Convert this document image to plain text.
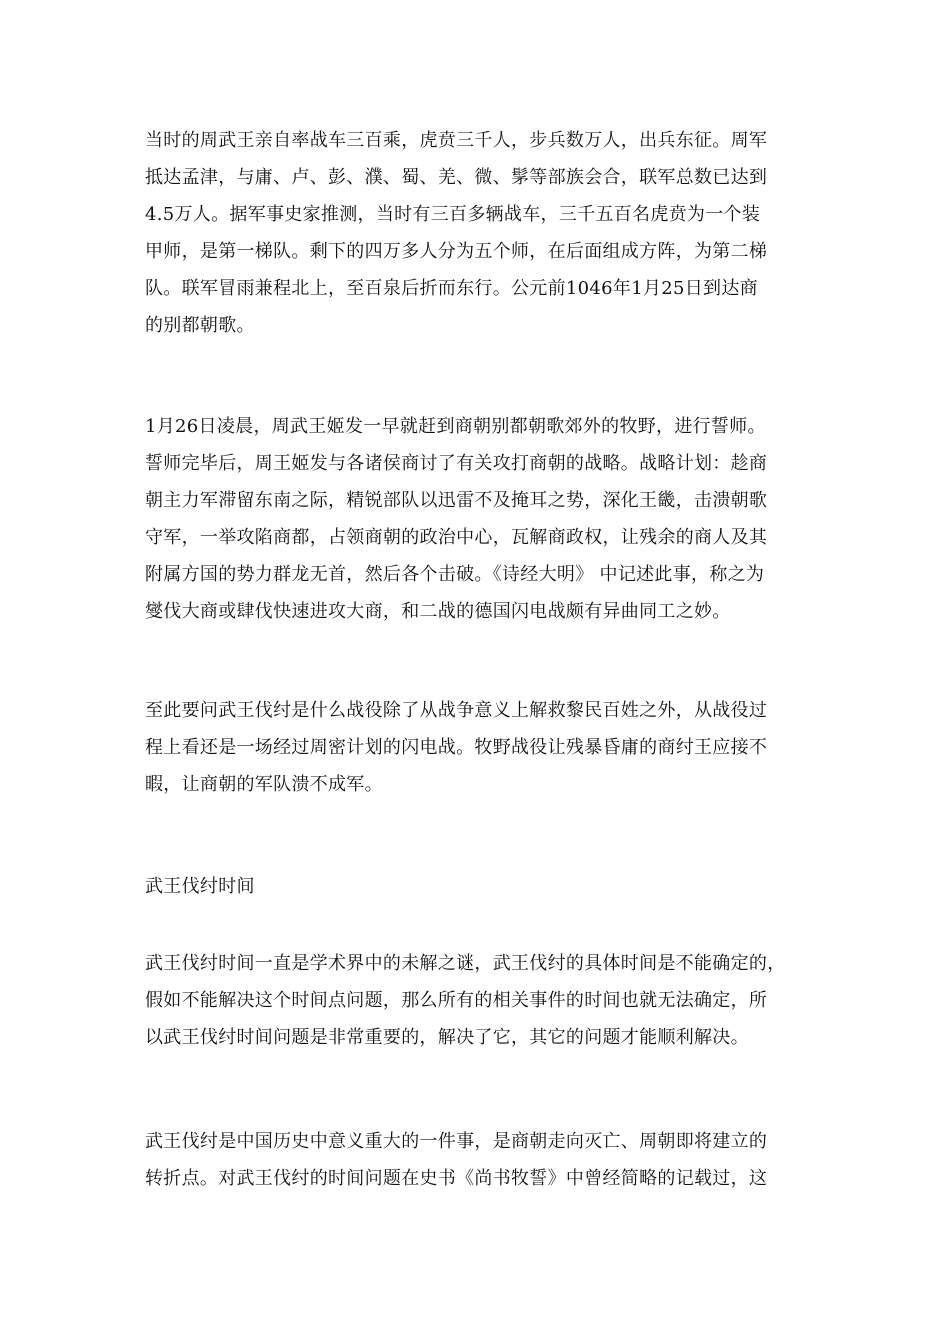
当时的周武王亲自率战车三百乘，虎贲三千人，步兵数万人，出兵东征。周军
抵达孟津，与庸、卢、彭、濮、蜀、羌、微、髳等部族会合，联军总数已达到
4.5万人。据军事史家推测，当时有三百多辆战车，三千五百名虎贲为一个装
甲师，是第一梯队。剩下的四万多人分为五个师，在后面组成方阵，为第二梯
队。联军冒雨兼程北上，至百泉后折而东行。公元前1046年1月25日到达商
的别都朝歌。
1月26日凌晨，周武王姬发一早就赶到商朝别都朝歌郊外的牧野，进行誓师。
誓师完毕后，周王姬发与各诸侯商讨了有关攻打商朝的战略。战略计划：趁商
朝主力军滞留东南之际，精锐部队以迅雷不及掩耳之势，深化王畿，击溃朝歌
守军，一举攻陷商都，占领商朝的政治中心，瓦解商政权，让残余的商人及其
附属方国的势力群龙无首，然后各个击破。《诗经大明》 中记述此事，称之为
燮伐大商或肆伐快速进攻大商，和二战的德国闪电战颇有异曲同工之妙。
至此要问武王伐纣是什么战役除了从战争意义上解救黎民百姓之外，从战役过
程上看还是一场经过周密计划的闪电战。牧野战役让残暴昏庸的商纣王应接不
暇，让商朝的军队溃不成军。
武王伐纣时间
武王伐纣时间一直是学术界中的未解之谜，武王伐纣的具体时间是不能确定的，
假如不能解决这个时间点问题，那么所有的相关事件的时间也就无法确定，所
以武王伐纣时间问题是非常重要的，解决了它，其它的问题才能顺利解决。
武王伐纣是中国历史中意义重大的一件事，是商朝走向灭亡、周朝即将建立的
转折点。对武王伐纣的时间问题在史书《尚书牧誓》中曾经简略的记载过，这
